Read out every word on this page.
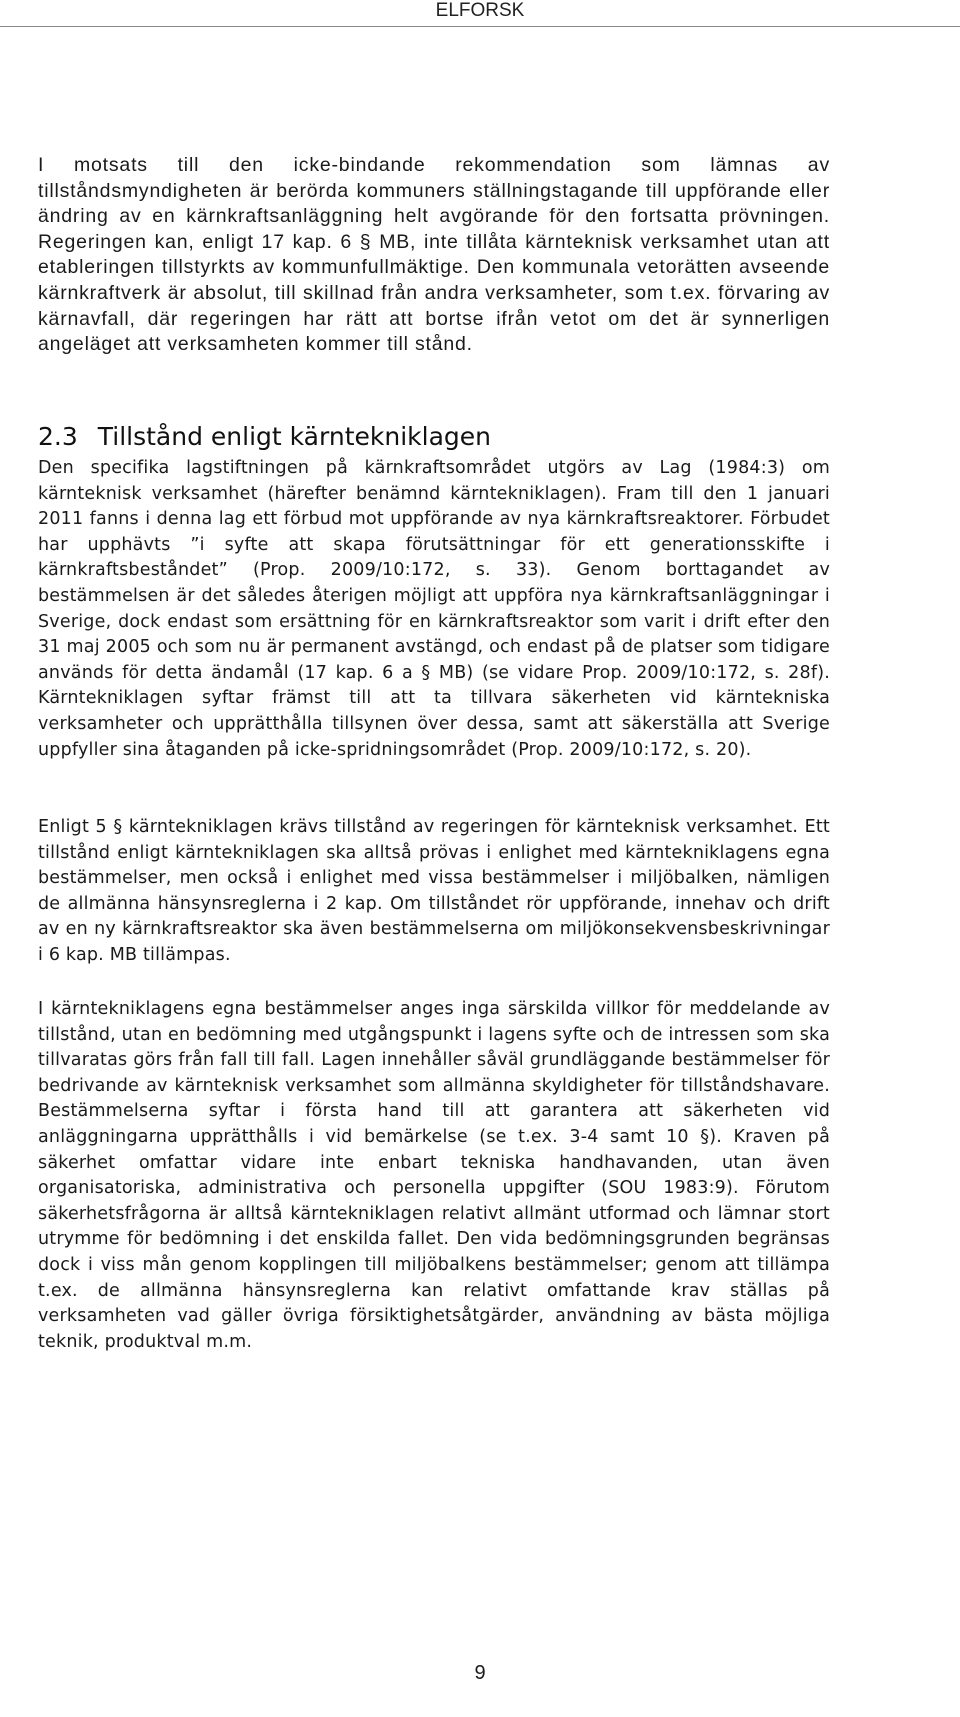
ELFORSK

I motsats till den icke-bindande rekommendation som lämnas av tillståndsmyndigheten är berörda kommuners ställningstagande till uppförande eller ändring av en kärnkraftsanläggning helt avgörande för den fortsatta prövningen. Regeringen kan, enligt 17 kap. 6 § MB, inte tillåta kärnteknisk verksamhet utan att etableringen tillstyrkts av kommunfullmäktige. Den kommunala vetorätten avseende kärnkraftverk är absolut, till skillnad från andra verksamheter, som t.ex. förvaring av kärnavfall, där regeringen har rätt att bortse ifrån vetot om det är synnerligen angeläget att verksamheten kommer till stånd.

2.3 Tillstånd enligt kärntekniklagen

Den specifika lagstiftningen på kärnkraftsområdet utgörs av Lag (1984:3) om kärnteknisk verksamhet (härefter benämnd kärntekniklagen). Fram till den 1 januari 2011 fanns i denna lag ett förbud mot uppförande av nya kärnkraftsreaktorer. Förbudet har upphävts ”i syfte att skapa förutsättningar för ett generationsskifte i kärnkraftsbeståndet” (Prop. 2009/10:172, s. 33). Genom borttagandet av bestämmelsen är det således återigen möjligt att uppföra nya kärnkraftsanläggningar i Sverige, dock endast som ersättning för en kärnkraftsreaktor som varit i drift efter den 31 maj 2005 och som nu är permanent avstängd, och endast på de platser som tidigare används för detta ändamål (17 kap. 6 a § MB) (se vidare Prop. 2009/10:172, s. 28f). Kärntekniklagen syftar främst till att ta tillvara säkerheten vid kärntekniska verksamheter och upprätthålla tillsynen över dessa, samt att säkerställa att Sverige uppfyller sina åtaganden på icke-spridningsområdet (Prop. 2009/10:172, s. 20).

Enligt 5 § kärntekniklagen krävs tillstånd av regeringen för kärnteknisk verksamhet. Ett tillstånd enligt kärntekniklagen ska alltså prövas i enlighet med kärntekniklagens egna bestämmelser, men också i enlighet med vissa bestämmelser i miljöbalken, nämligen de allmänna hänsynsreglerna i 2 kap. Om tillståndet rör uppförande, innehav och drift av en ny kärnkraftsreaktor ska även bestämmelserna om miljökonsekvensbeskrivningar i 6 kap. MB tillämpas.

I kärntekniklagens egna bestämmelser anges inga särskilda villkor för meddelande av tillstånd, utan en bedömning med utgångspunkt i lagens syfte och de intressen som ska tillvaratas görs från fall till fall. Lagen innehåller såväl grundläggande bestämmelser för bedrivande av kärnteknisk verksamhet som allmänna skyldigheter för tillståndshavare. Bestämmelserna syftar i första hand till att garantera att säkerheten vid anläggningarna upprätthålls i vid bemärkelse (se t.ex. 3-4 samt 10 §). Kraven på säkerhet omfattar vidare inte enbart tekniska handhavanden, utan även organisatoriska, administrativa och personella uppgifter (SOU 1983:9). Förutom säkerhetsfrågorna är alltså kärntekniklagen relativt allmänt utformad och lämnar stort utrymme för bedömning i det enskilda fallet. Den vida bedömningsgrunden begränsas dock i viss mån genom kopplingen till miljöbalkens bestämmelser; genom att tillämpa t.ex. de allmänna hänsynsreglerna kan relativt omfattande krav ställas på verksamheten vad gäller övriga försiktighetsåtgärder, användning av bästa möjliga teknik, produktval m.m.

9
